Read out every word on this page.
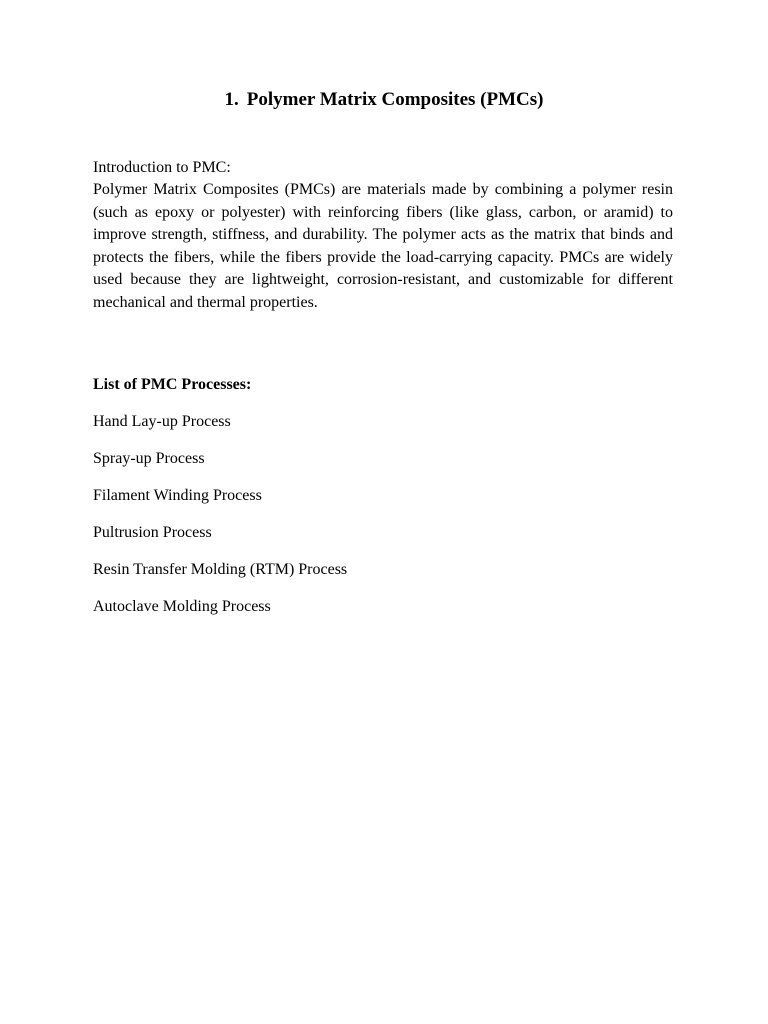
1. Polymer Matrix Composites (PMCs)

Introduction to PMC:

Polymer Matrix Composites (PMCs) are materials made by combining a polymer resin (such as epoxy or polyester) with reinforcing fibers (like glass, carbon, or aramid) to improve strength, stiffness, and durability. The polymer acts as the matrix that binds and protects the fibers, while the fibers provide the load-carrying capacity. PMCs are widely used because they are lightweight, corrosion-resistant, and customizable for different mechanical and thermal properties.

List of PMC Processes:

Hand Lay-up Process
Spray-up Process
Filament Winding Process
Pultrusion Process
Resin Transfer Molding (RTM) Process
Autoclave Molding Process
